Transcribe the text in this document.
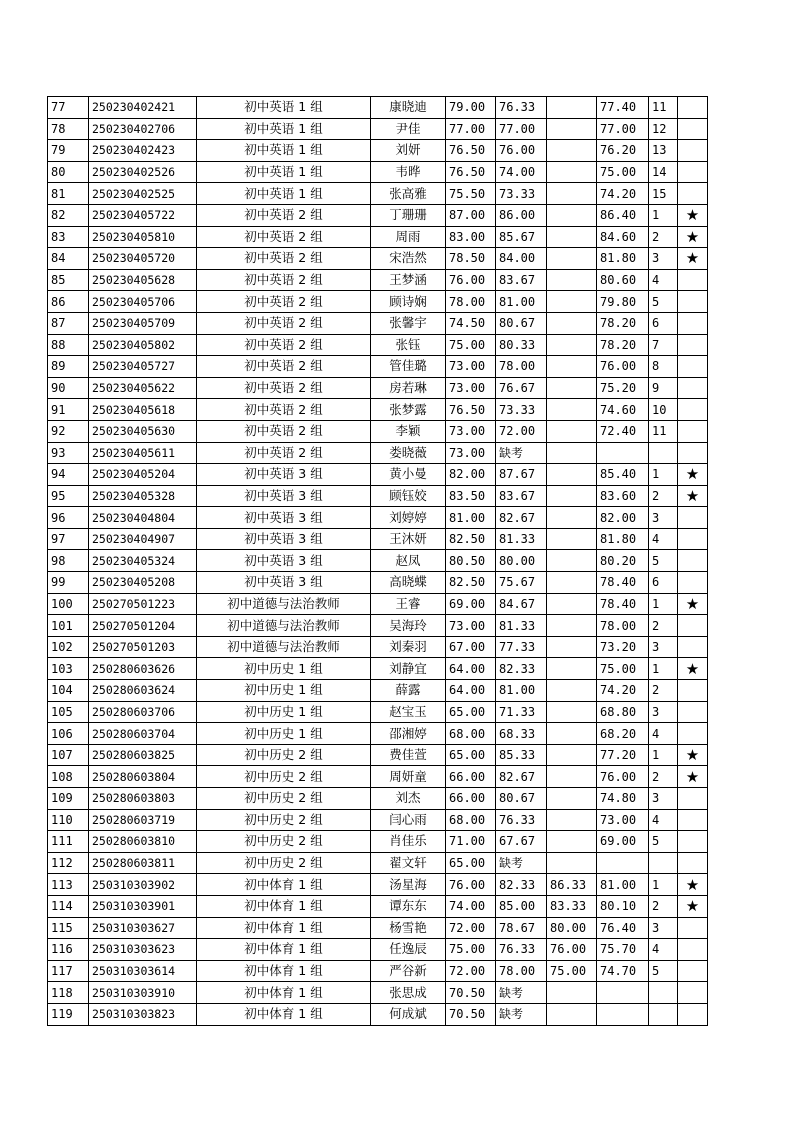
77	250230402421	初中英语 1 组	康晓迪	79.00	76.33		77.40	11	
78	250230402706	初中英语 1 组	尹佳	77.00	77.00		77.00	12	
79	250230402423	初中英语 1 组	刘妍	76.50	76.00		76.20	13	
80	250230402526	初中英语 1 组	韦晔	76.50	74.00		75.00	14	
81	250230402525	初中英语 1 组	张高雅	75.50	73.33		74.20	15	
82	250230405722	初中英语 2 组	丁珊珊	87.00	86.00		86.40	1	★
83	250230405810	初中英语 2 组	周雨	83.00	85.67		84.60	2	★
84	250230405720	初中英语 2 组	宋浩然	78.50	84.00		81.80	3	★
85	250230405628	初中英语 2 组	王梦涵	76.00	83.67		80.60	4	
86	250230405706	初中英语 2 组	顾诗娴	78.00	81.00		79.80	5	
87	250230405709	初中英语 2 组	张馨宇	74.50	80.67		78.20	6	
88	250230405802	初中英语 2 组	张钰	75.00	80.33		78.20	7	
89	250230405727	初中英语 2 组	管佳璐	73.00	78.00		76.00	8	
90	250230405622	初中英语 2 组	房若琳	73.00	76.67		75.20	9	
91	250230405618	初中英语 2 组	张梦露	76.50	73.33		74.60	10	
92	250230405630	初中英语 2 组	李颖	73.00	72.00		72.40	11	
93	250230405611	初中英语 2 组	娄晓薇	73.00	缺考				
94	250230405204	初中英语 3 组	黄小曼	82.00	87.67		85.40	1	★
95	250230405328	初中英语 3 组	顾钰姣	83.50	83.67		83.60	2	★
96	250230404804	初中英语 3 组	刘婷婷	81.00	82.67		82.00	3	
97	250230404907	初中英语 3 组	王沐妍	82.50	81.33		81.80	4	
98	250230405324	初中英语 3 组	赵凤	80.50	80.00		80.20	5	
99	250230405208	初中英语 3 组	高晓蝶	82.50	75.67		78.40	6	
100	250270501223	初中道德与法治教师	王睿	69.00	84.67		78.40	1	★
101	250270501204	初中道德与法治教师	吴海玲	73.00	81.33		78.00	2	
102	250270501203	初中道德与法治教师	刘秦羽	67.00	77.33		73.20	3	
103	250280603626	初中历史 1 组	刘静宜	64.00	82.33		75.00	1	★
104	250280603624	初中历史 1 组	薛露	64.00	81.00		74.20	2	
105	250280603706	初中历史 1 组	赵宝玉	65.00	71.33		68.80	3	
106	250280603704	初中历史 1 组	邵湘婷	68.00	68.33		68.20	4	
107	250280603825	初中历史 2 组	费佳萱	65.00	85.33		77.20	1	★
108	250280603804	初中历史 2 组	周妍童	66.00	82.67		76.00	2	★
109	250280603803	初中历史 2 组	刘杰	66.00	80.67		74.80	3	
110	250280603719	初中历史 2 组	闫心雨	68.00	76.33		73.00	4	
111	250280603810	初中历史 2 组	肖佳乐	71.00	67.67		69.00	5	
112	250280603811	初中历史 2 组	翟文轩	65.00	缺考				
113	250310303902	初中体育 1 组	汤星海	76.00	82.33	86.33	81.00	1	★
114	250310303901	初中体育 1 组	谭东东	74.00	85.00	83.33	80.10	2	★
115	250310303627	初中体育 1 组	杨雪艳	72.00	78.67	80.00	76.40	3	
116	250310303623	初中体育 1 组	任逸辰	75.00	76.33	76.00	75.70	4	
117	250310303614	初中体育 1 组	严谷新	72.00	78.00	75.00	74.70	5	
118	250310303910	初中体育 1 组	张思成	70.50	缺考				
119	250310303823	初中体育 1 组	何成斌	70.50	缺考				
